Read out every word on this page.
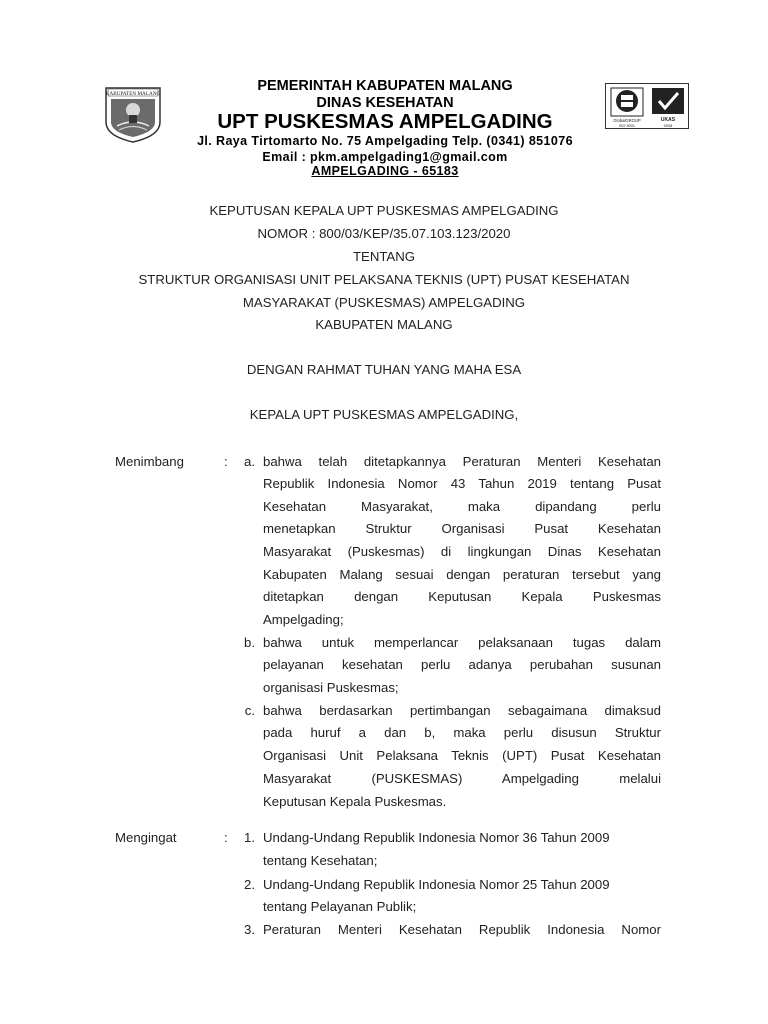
KABUPATEN MALANG
GlobalGROUP
ISO 9001
UKAS
0008
PEMERINTAH KABUPATEN MALANG
DINAS KESEHATAN
UPT PUSKESMAS AMPELGADING
Jl. Raya Tirtomarto No. 75 Ampelgading Telp. (0341) 851076
Email : pkm.ampelgading1@gmail.com
AMPELGADING - 65183
KEPUTUSAN KEPALA UPT PUSKESMAS AMPELGADING
NOMOR : 800/03/KEP/35.07.103.123/2020
TENTANG
STRUKTUR ORGANISASI UNIT PELAKSANA TEKNIS (UPT) PUSAT KESEHATAN
MASYARAKAT (PUSKESMAS) AMPELGADING
KABUPATEN MALANG
DENGAN RAHMAT TUHAN YANG MAHA ESA
KEPALA UPT PUSKESMAS AMPELGADING,
Menimbang	:	a. bahwa telah ditetapkannya Peraturan Menteri Kesehatan
Republik Indonesia Nomor 43 Tahun 2019 tentang Pusat
Kesehatan Masyarakat, maka dipandang perlu
menetapkan Struktur Organisasi Pusat Kesehatan
Masyarakat (Puskesmas) di lingkungan Dinas Kesehatan
Kabupaten Malang sesuai dengan peraturan tersebut yang
ditetapkan dengan Keputusan Kepala Puskesmas
Ampelgading;
b. bahwa untuk memperlancar pelaksanaan tugas dalam
pelayanan kesehatan perlu adanya perubahan susunan
organisasi Puskesmas;
c. bahwa berdasarkan pertimbangan sebagaimana dimaksud
pada huruf a dan b, maka perlu disusun Struktur
Organisasi Unit Pelaksana Teknis (UPT) Pusat Kesehatan
Masyarakat (PUSKESMAS) Ampelgading melalui
Keputusan Kepala Puskesmas.
Mengingat	:	1. Undang-Undang Republik Indonesia Nomor 36 Tahun 2009
tentang Kesehatan;
2. Undang-Undang Republik Indonesia Nomor 25 Tahun 2009
tentang Pelayanan Publik;
3. Peraturan Menteri Kesehatan Republik Indonesia Nomor
